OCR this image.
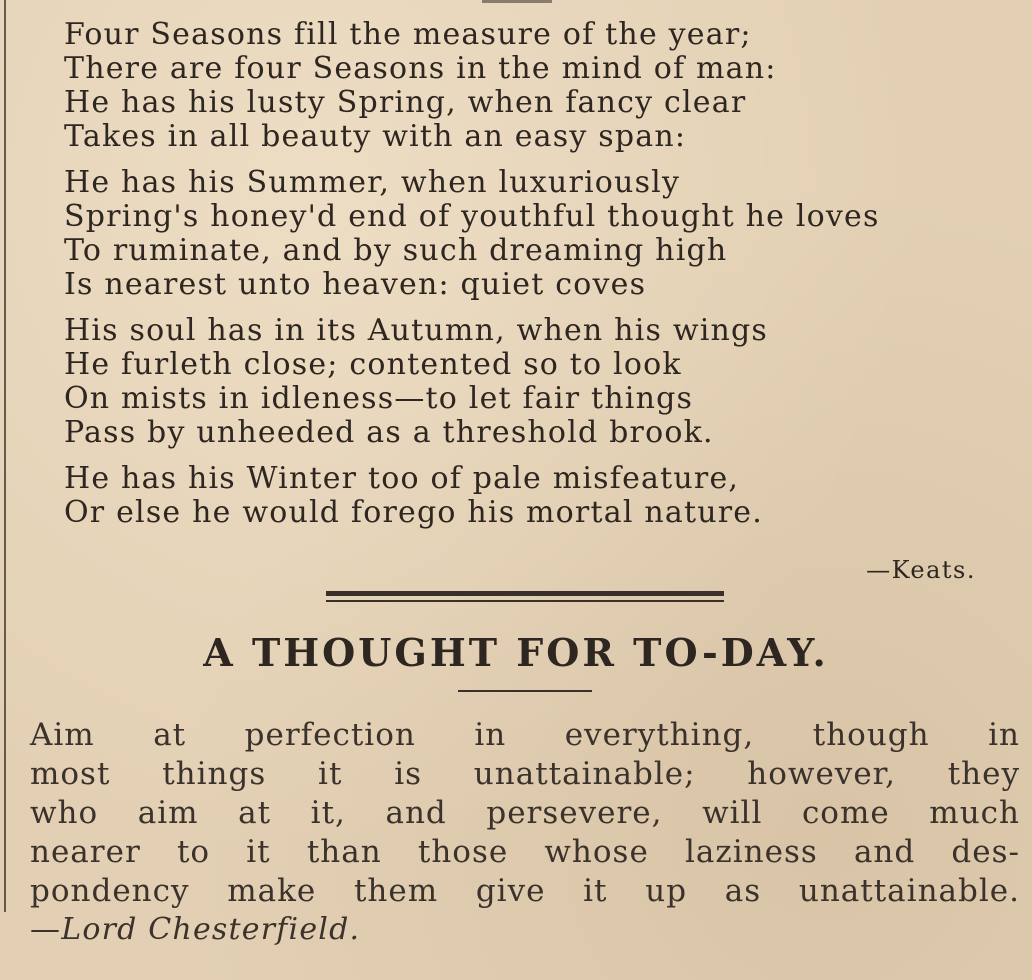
Four Seasons fill the measure of the year;
There are four Seasons in the mind of man:
He has his lusty Spring, when fancy clear
Takes in all beauty with an easy span:
He has his Summer, when luxuriously
Spring's honey'd end of youthful thought he loves
To ruminate, and by such dreaming high
Is nearest unto heaven: quiet coves
His soul has in its Autumn, when his wings
He furleth close; contented so to look
On mists in idleness—to let fair things
Pass by unheeded as a threshold brook.
He has his Winter too of pale misfeature,
Or else he would forego his mortal nature.
—Keats.
A THOUGHT FOR TO-DAY.
Aim at perfection in everything, though in
most things it is unattainable; however, they
who aim at it, and persevere, will come much
nearer to it than those whose laziness and des-
pondency make them give it up as unattainable.
—Lord Chesterfield.
